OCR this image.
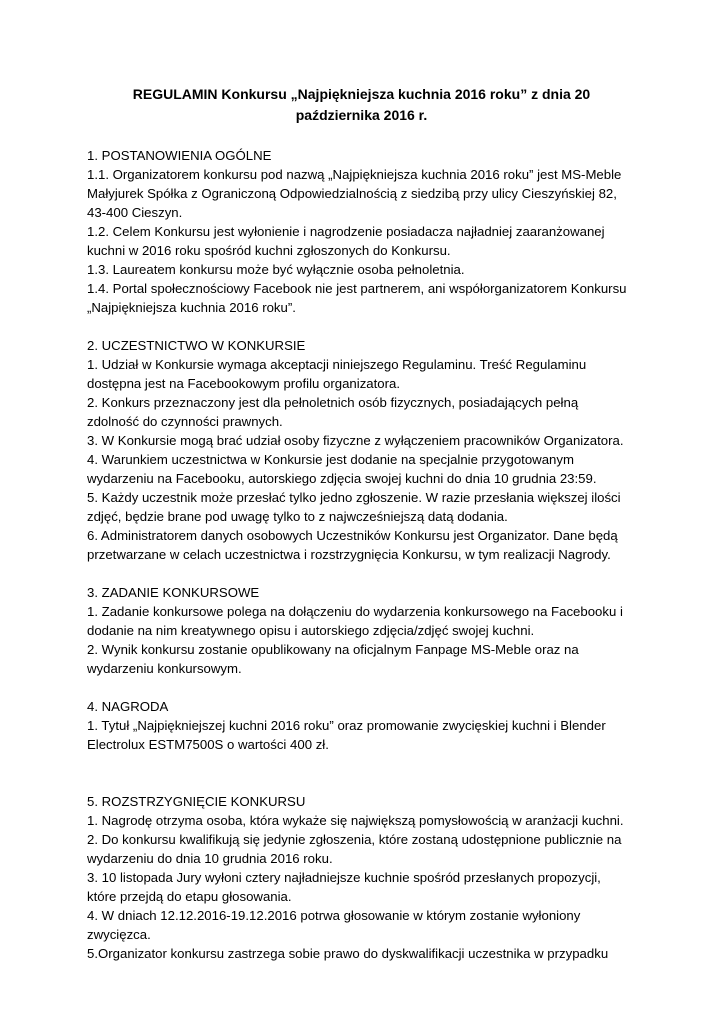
REGULAMIN Konkursu „Najpiękniejsza kuchnia 2016 roku” z dnia 20
października 2016 r.

1. POSTANOWIENIA OGÓLNE

1.1. Organizatorem konkursu pod nazwą „Najpiękniejsza kuchnia 2016 roku” jest MS-Meble

Małyjurek Spółka z Ograniczoną Odpowiedzialnością z siedzibą przy ulicy Cieszyńskiej 82,

43-400 Cieszyn.

1.2. Celem Konkursu jest wyłonienie i nagrodzenie posiadacza najładniej zaaranżowanej

kuchni w 2016 roku spośród kuchni zgłoszonych do Konkursu.

1.3. Laureatem konkursu może być wyłącznie osoba pełnoletnia.

1.4. Portal społecznościowy Facebook nie jest partnerem, ani współorganizatorem Konkursu

„Najpiękniejsza kuchnia 2016 roku”.

2. UCZESTNICTWO W KONKURSIE

1. Udział w Konkursie wymaga akceptacji niniejszego Regulaminu. Treść Regulaminu

dostępna jest na Facebookowym profilu organizatora.

2. Konkurs przeznaczony jest dla pełnoletnich osób fizycznych, posiadających pełną

zdolność do czynności prawnych.

3. W Konkursie mogą brać udział osoby fizyczne z wyłączeniem pracowników Organizatora.

4. Warunkiem uczestnictwa w Konkursie jest dodanie na specjalnie przygotowanym

wydarzeniu na Facebooku, autorskiego zdjęcia swojej kuchni do dnia 10 grudnia 23:59.

5. Każdy uczestnik może przesłać tylko jedno zgłoszenie. W razie przesłania większej ilości

zdjęć, będzie brane pod uwagę tylko to z najwcześniejszą datą dodania.

6. Administratorem danych osobowych Uczestników Konkursu jest Organizator. Dane będą

przetwarzane w celach uczestnictwa i rozstrzygnięcia Konkursu, w tym realizacji Nagrody.

3. ZADANIE KONKURSOWE

1. Zadanie konkursowe polega na dołączeniu do wydarzenia konkursowego na Facebooku i

dodanie na nim kreatywnego opisu i autorskiego zdjęcia/zdjęć swojej kuchni.

2. Wynik konkursu zostanie opublikowany na oficjalnym Fanpage MS-Meble oraz na

wydarzeniu konkursowym.

4. NAGRODA

1. Tytuł „Najpiękniejszej kuchni 2016 roku” oraz promowanie zwycięskiej kuchni i Blender

Electrolux ESTM7500S o wartości 400 zł.

5. ROZSTRZYGNIĘCIE KONKURSU

1. Nagrodę otrzyma osoba, która wykaże się największą pomysłowością w aranżacji kuchni.

2. Do konkursu kwalifikują się jedynie zgłoszenia, które zostaną udostępnione publicznie na

wydarzeniu do dnia 10 grudnia 2016 roku.

3. 10 listopada Jury wyłoni cztery najładniejsze kuchnie spośród przesłanych propozycji,

które przejdą do etapu głosowania.

4. W dniach 12.12.2016-19.12.2016 potrwa głosowanie w którym zostanie wyłoniony

zwycięzca.

5.Organizator konkursu zastrzega sobie prawo do dyskwalifikacji uczestnika w przypadku
